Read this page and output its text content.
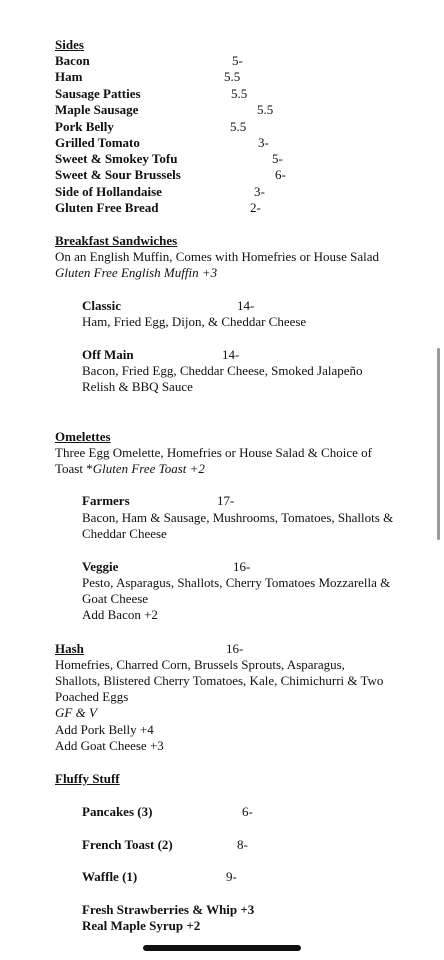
Sides
Bacon	5-
Ham	5.5
Sausage Patties	5.5
Maple Sausage	5.5
Pork Belly	5.5
Grilled Tomato	3-
Sweet & Smokey Tofu	5-
Sweet & Sour Brussels	6-
Side of Hollandaise	3-
Gluten Free Bread	2-
Breakfast Sandwiches
On an English Muffin, Comes with Homefries or House Salad
Gluten Free English Muffin +3
Classic	14-
Ham, Fried Egg, Dijon, & Cheddar Cheese
Off Main	14-
Bacon, Fried Egg, Cheddar Cheese, Smoked Jalapeño
Relish & BBQ Sauce
Omelettes
Three Egg Omelette, Homefries or House Salad & Choice of
Toast *Gluten Free Toast +2
Farmers	17-
Bacon, Ham & Sausage, Mushrooms, Tomatoes, Shallots &
Cheddar Cheese
Veggie	16-
Pesto, Asparagus, Shallots, Cherry Tomatoes Mozzarella &
Goat Cheese
Add Bacon +2
Hash	16-
Homefries, Charred Corn, Brussels Sprouts, Asparagus,
Shallots, Blistered Cherry Tomatoes, Kale, Chimichurri & Two
Poached Eggs
GF & V
Add Pork Belly +4
Add Goat Cheese +3
Fluffy Stuff
Pancakes (3)	6-
French Toast (2)	8-
Waffle (1)	9-
Fresh Strawberries & Whip +3
Real Maple Syrup +2
